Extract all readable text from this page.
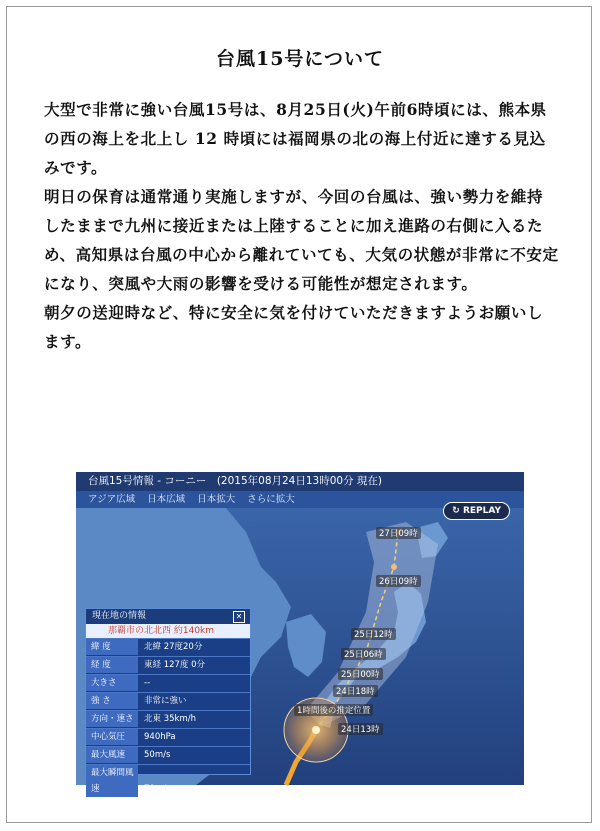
台風15号について

大型で非常に強い台風15号は、8月25日(火)午前6時頃には、熊本県の西の海上を北上し 12 時頃には福岡県の北の海上付近に達する見込みです。

明日の保育は通常通り実施しますが、今回の台風は、強い勢力を維持したままで九州に接近または上陸することに加え進路の右側に入るため、高知県は台風の中心から離れていても、大気の状態が非常に不安定になり、突風や大雨の影響を受ける可能性が想定されます。

朝夕の送迎時など、特に安全に気を付けていただきますようお願いします。

台風15号情報 - コーニー　(2015年08月24日13時00分 現在)
アジア広域 日本広域 日本拡大 さらに拡大
↻ REPLAY
27日09時
26日09時
25日12時
25日06時
25日00時
24日18時
1時間後の推定位置
24日13時
現在地の情報	✕
那覇市の北北西 約140km
緯 度	北緯 27度20分
経 度	東経 127度 0分
大きさ	--
強 さ	非常に強い
方向・速さ 北東 35km/h
中心気圧 940hPa
最大風速 50m/s
最大瞬間風速	70m/s
